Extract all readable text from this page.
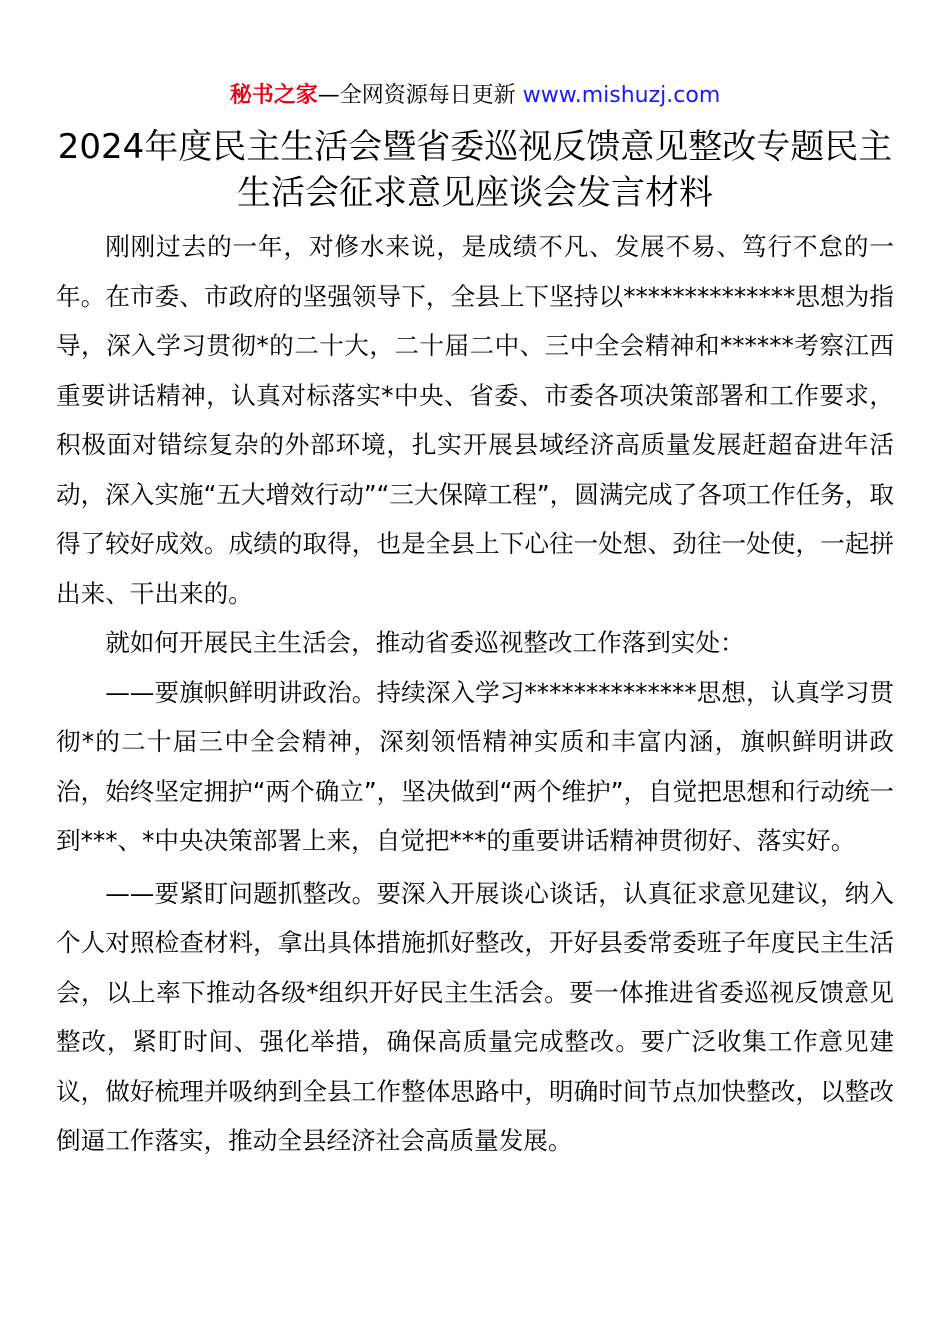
秘书之家—全网资源每日更新 www.mishuzj.com
2024年度民主生活会暨省委巡视反馈意见整改专题民主生活会征求意见座谈会发言材料

刚刚过去的一年，对修水来说，是成绩不凡、发展不易、笃行不怠的一年。在市委、市政府的坚强领导下，全县上下坚持以**************思想为指导，深入学习贯彻*的二十大，二十届二中、三中全会精神和******考察江西重要讲话精神，认真对标落实*中央、省委、市委各项决策部署和工作要求，积极面对错综复杂的外部环境，扎实开展县域经济高质量发展赶超奋进年活动，深入实施“五大增效行动”“三大保障工程”，圆满完成了各项工作任务，取得了较好成效。成绩的取得，也是全县上下心往一处想、劲往一处使，一起拼出来、干出来的。

就如何开展民主生活会，推动省委巡视整改工作落到实处：

——要旗帜鲜明讲政治。持续深入学习**************思想，认真学习贯彻*的二十届三中全会精神，深刻领悟精神实质和丰富内涵，旗帜鲜明讲政治，始终坚定拥护“两个确立”，坚决做到“两个维护”，自觉把思想和行动统一到***、*中央决策部署上来，自觉把***的重要讲话精神贯彻好、落实好。

——要紧盯问题抓整改。要深入开展谈心谈话，认真征求意见建议，纳入个人对照检查材料，拿出具体措施抓好整改，开好县委常委班子年度民主生活会，以上率下推动各级*组织开好民主生活会。要一体推进省委巡视反馈意见整改，紧盯时间、强化举措，确保高质量完成整改。要广泛收集工作意见建议，做好梳理并吸纳到全县工作整体思路中，明确时间节点加快整改，以整改倒逼工作落实，推动全县经济社会高质量发展。
